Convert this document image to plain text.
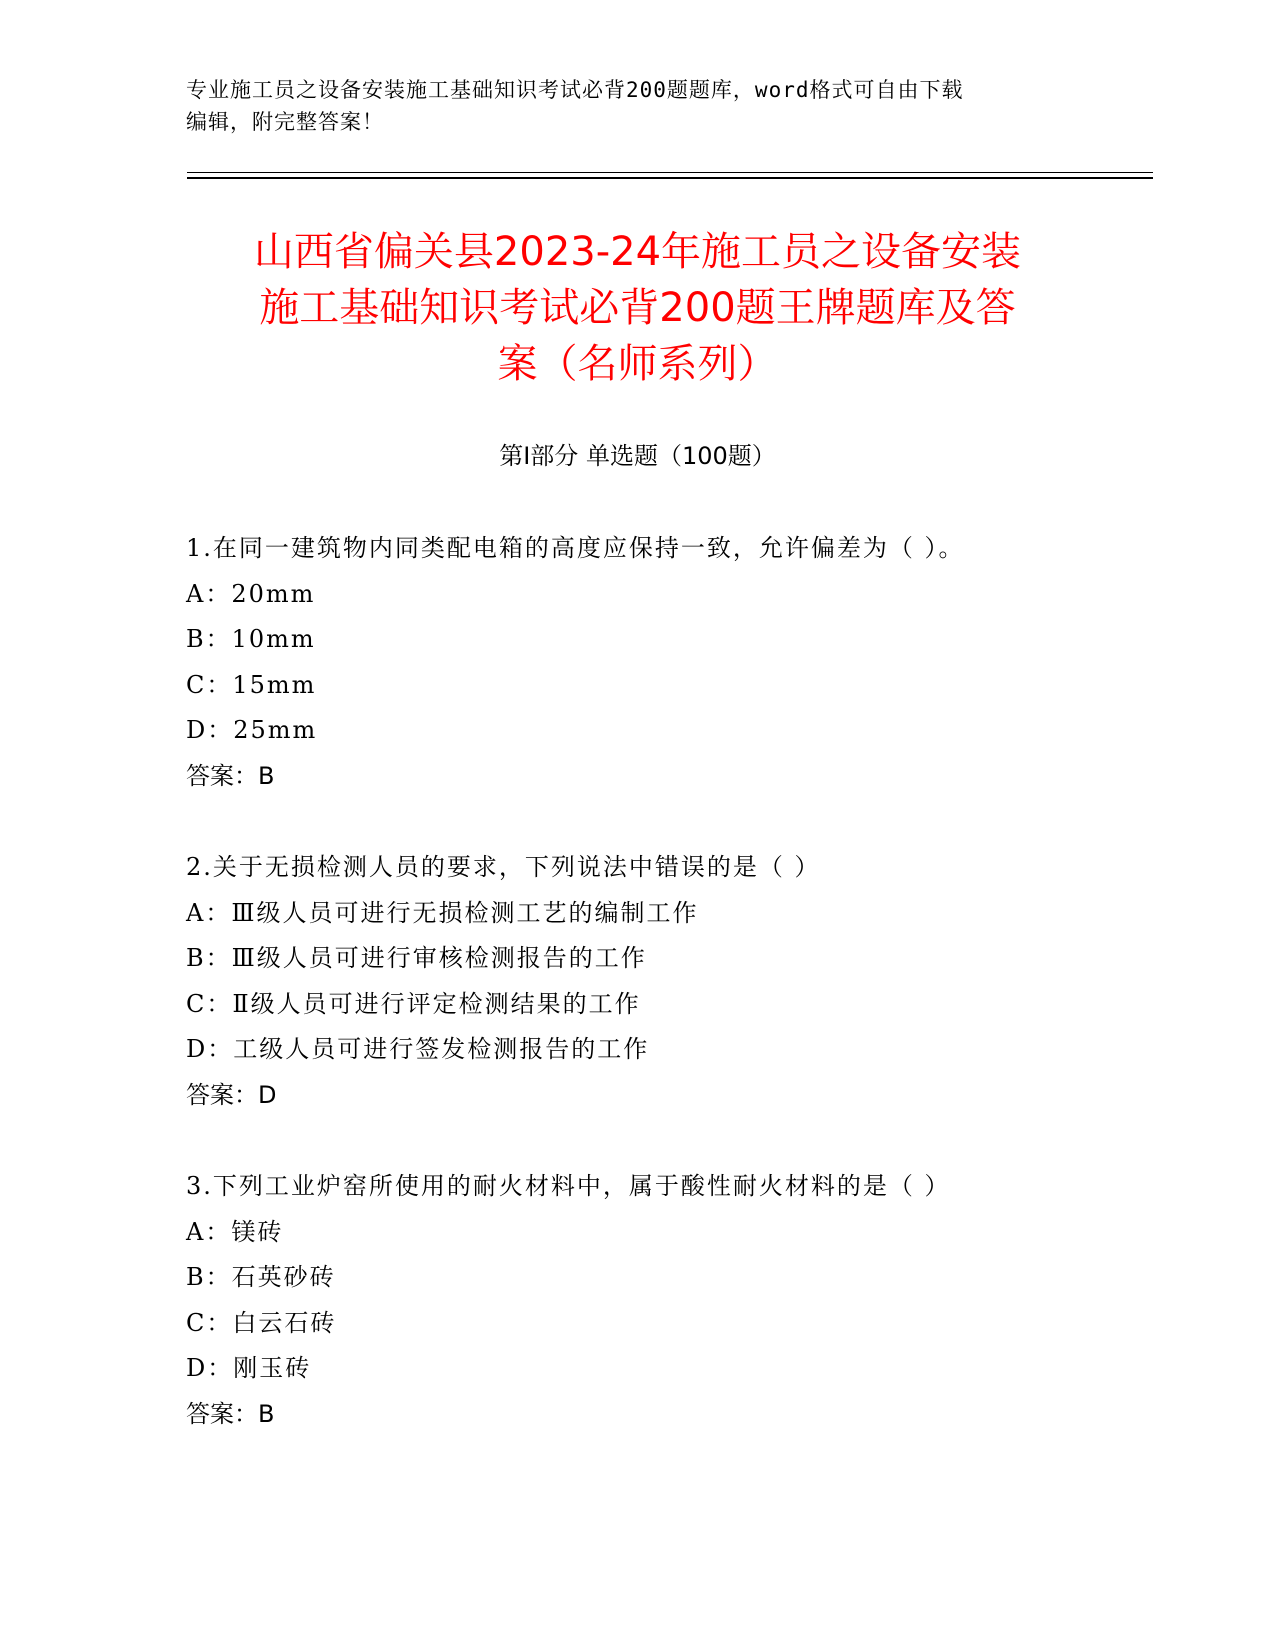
专业施工员之设备安装施工基础知识考试必背200题题库，word格式可自由下载
编辑，附完整答案！
山西省偏关县2023-24年施工员之设备安装
施工基础知识考试必背200题王牌题库及答
案（名师系列）
第Ⅰ部分 单选题（100题）
1.在同一建筑物内同类配电箱的高度应保持一致，允许偏差为（ ）。
A：20mm
B：10mm
C：15mm
D：25mm
答案：B
2.关于无损检测人员的要求，下列说法中错误的是（ ）
A：Ⅲ级人员可进行无损检测工艺的编制工作
B：Ⅲ级人员可进行审核检测报告的工作
C：Ⅱ级人员可进行评定检测结果的工作
D：工级人员可进行签发检测报告的工作
答案：D
3.下列工业炉窑所使用的耐火材料中，属于酸性耐火材料的是（ ）
A：镁砖
B：石英砂砖
C：白云石砖
D：刚玉砖
答案：B
